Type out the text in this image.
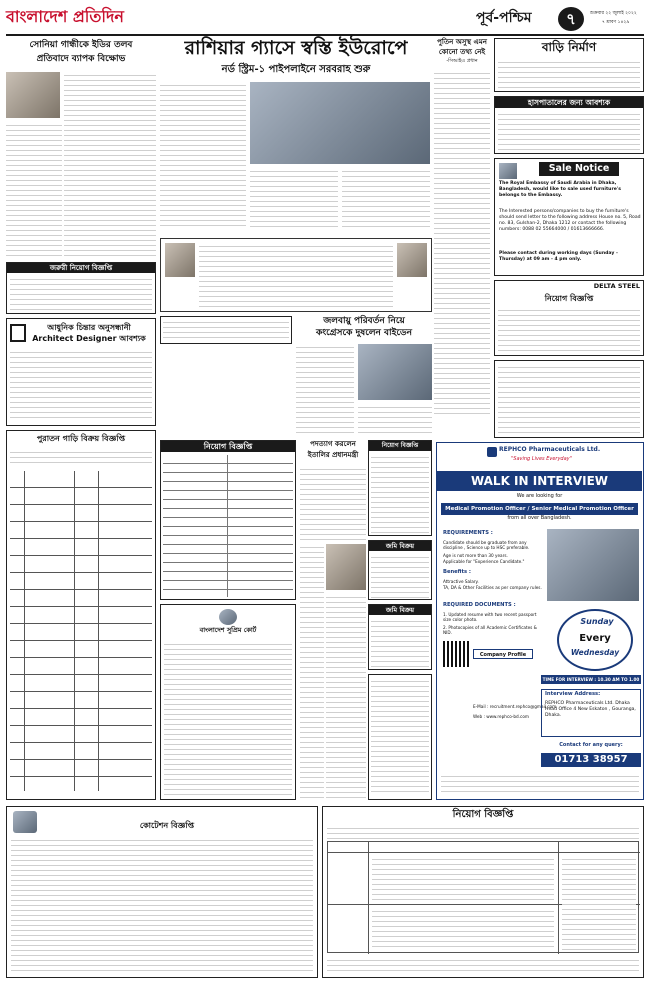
বাংলাদেশ প্রতিদিন	পূর্ব-পশ্চিম	৭	শুক্রবার ২২ জুলাই ২০২২
৭ শ্রাবণ ১৪২৯
সোনিয়া গান্ধীকে ইডির তলব
প্রতিবাদে ব্যাপক বিক্ষোভ
জরুরী নিয়োগ বিজ্ঞপ্তি
আধুনিক চিন্তার অনুসন্ধানী
Architect Designer আবশ্যক
পুরাতন গাড়ি বিক্রয় বিজ্ঞপ্তি
কোটেশন বিজ্ঞপ্তি
রাশিয়ার গ্যাসে স্বস্তি ইউরোপে
নর্ড স্ট্রিম-১ পাইপলাইনে সরবরাহ শুরু
পুতিন অসুস্থ এমন
কোনো তথ্য নেই
-সিআইএ প্রধান
জলবায়ু পরিবর্তন নিয়ে
কংগ্রেসকে দুষলেন বাইডেন
নিয়োগ বিজ্ঞপ্তি
বাংলাদেশ সুপ্রিম কোর্ট
পদত্যাগ করলেন
ইতালির প্রধানমন্ত্রী
নিয়োগ বিজ্ঞপ্তি
জমি বিক্রয়
জমি বিক্রয়
বাড়ি নির্মাণ
হাসপাতালের জন্য আবশ্যক
Sale Notice
The Royal Embassy of Saudi Arabia in Dhaka, Bangladesh, would like to sale used furniture's belongs to the Embassy.
The Interested persons/companies to buy the furniture's should send letter to the following address House no. 5, Road no. 83, Gulshan-2, Dhaka 1212 or contact the following numbers: 0088 02 55664000 / 01613666666.
Please contact during working days (Sunday - Thursday) at 09 am - 4 pm only.
DELTA STEEL
নিয়োগ বিজ্ঞপ্তি
REPHCO Pharmaceuticals Ltd.
"Saving Lives Everyday"
WALK IN INTERVIEW
We are looking for
Medical Promotion Officer / Senior Medical Promotion Officer
from all over Bangladesh.
REQUIREMENTS :
Candidate should be graduate from any discipline , Science up to HSC preferable.
Age is not more than 30 years.
Applicable for "Experience Candidate."
Benefits :
Attractive Salary.
TA, DA & Other Facilities as per company rules.
REQUIRED DOCUMENTS :
1. Updated resume with two recent passport size color photo.
2. Photocopies of all Academic Certificates & NID.
Company Profile
Sunday
Every
Wednesday
TIME FOR INTERVIEW : 10.30 AM TO 1.00 PM.
E-Mail : recruitment.rephco@gmail.com
Web : www.rephco-bd.com
Interview Address:
REPHCO Pharmaceuticals Ltd. Dhaka Head Office 4 New Eskaton , Gouranga, Dhaka.
Contact for any query:
01713 38957
নিয়োগ বিজ্ঞপ্তি
